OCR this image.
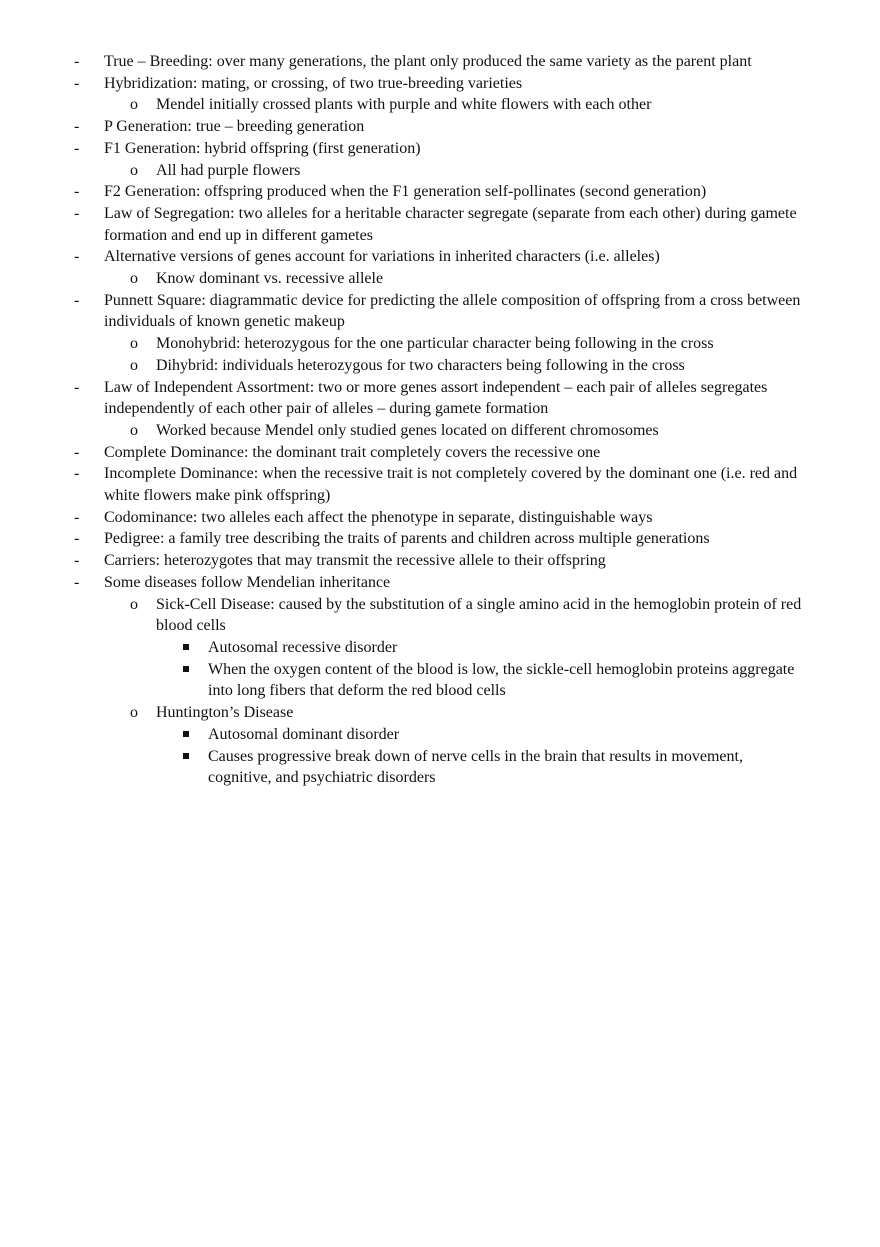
- True – Breeding: over many generations, the plant only produced the same variety as the parent plant
- Hybridization: mating, or crossing, of two true-breeding varieties
o Mendel initially crossed plants with purple and white flowers with each other
- P Generation: true – breeding generation
- F1 Generation: hybrid offspring (first generation)
o All had purple flowers
- F2 Generation: offspring produced when the F1 generation self-pollinates (second generation)
- Law of Segregation: two alleles for a heritable character segregate (separate from each other) during gamete formation and end up in different gametes
- Alternative versions of genes account for variations in inherited characters (i.e. alleles)
o Know dominant vs. recessive allele
- Punnett Square: diagrammatic device for predicting the allele composition of offspring from a cross between individuals of known genetic makeup
o Monohybrid: heterozygous for the one particular character being following in the cross
o Dihybrid: individuals heterozygous for two characters being following in the cross
- Law of Independent Assortment: two or more genes assort independent – each pair of alleles segregates independently of each other pair of alleles – during gamete formation
o Worked because Mendel only studied genes located on different chromosomes
- Complete Dominance: the dominant trait completely covers the recessive one
- Incomplete Dominance: when the recessive trait is not completely covered by the dominant one (i.e. red and white flowers make pink offspring)
- Codominance: two alleles each affect the phenotype in separate, distinguishable ways
- Pedigree: a family tree describing the traits of parents and children across multiple generations
- Carriers: heterozygotes that may transmit the recessive allele to their offspring
- Some diseases follow Mendelian inheritance
o Sick-Cell Disease: caused by the substitution of a single amino acid in the hemoglobin protein of red blood cells
Autosomal recessive disorder
When the oxygen content of the blood is low, the sickle-cell hemoglobin proteins aggregate into long fibers that deform the red blood cells
o Huntington’s Disease
Autosomal dominant disorder
Causes progressive break down of nerve cells in the brain that results in movement, cognitive, and psychiatric disorders
